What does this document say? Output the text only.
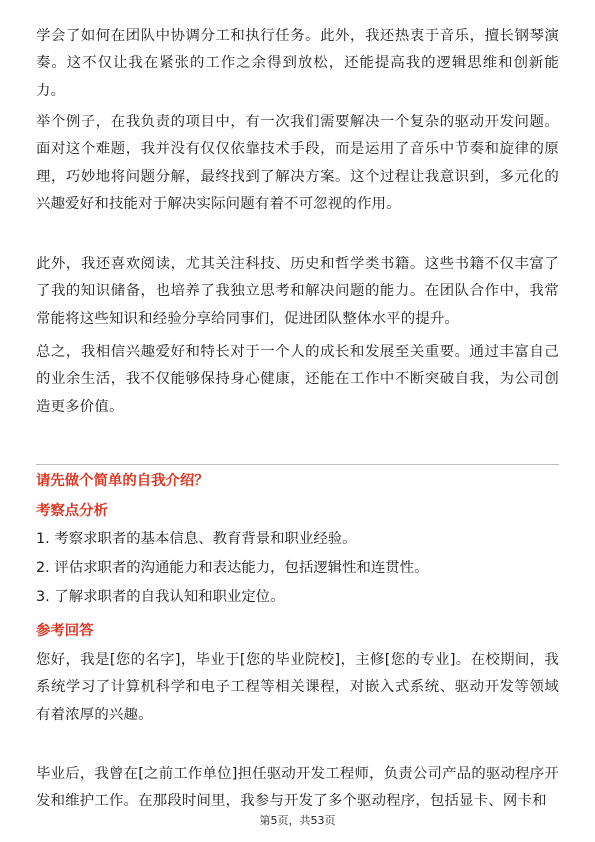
学会了如何在团队中协调分工和执行任务。此外，我还热衷于音乐，擅长钢琴演奏。这不仅让我在紧张的工作之余得到放松，还能提高我的逻辑思维和创新能力。

举个例子，在我负责的项目中，有一次我们需要解决一个复杂的驱动开发问题。面对这个难题，我并没有仅仅依靠技术手段，而是运用了音乐中节奏和旋律的原理，巧妙地将问题分解，最终找到了解决方案。这个过程让我意识到，多元化的兴趣爱好和技能对于解决实际问题有着不可忽视的作用。

此外，我还喜欢阅读，尤其关注科技、历史和哲学类书籍。这些书籍不仅丰富了了我的知识储备，也培养了我独立思考和解决问题的能力。在团队合作中，我常常能将这些知识和经验分享给同事们，促进团队整体水平的提升。

总之，我相信兴趣爱好和特长对于一个人的成长和发展至关重要。通过丰富自己的业余生活，我不仅能够保持身心健康，还能在工作中不断突破自我，为公司创造更多价值。

请先做个简单的自我介绍？
考察点分析

1. 考察求职者的基本信息、教育背景和职业经验。

2. 评估求职者的沟通能力和表达能力，包括逻辑性和连贯性。

3. 了解求职者的自我认知和职业定位。

参考回答

您好，我是[您的名字]，毕业于[您的毕业院校]，主修[您的专业]。在校期间，我系统学习了计算机科学和电子工程等相关课程，对嵌入式系统、驱动开发等领域有着浓厚的兴趣。

毕业后，我曾在[之前工作单位]担任驱动开发工程师，负责公司产品的驱动程序开发和维护工作。在那段时间里，我参与开发了多个驱动程序，包括显卡、网卡和

第5页，共53页
